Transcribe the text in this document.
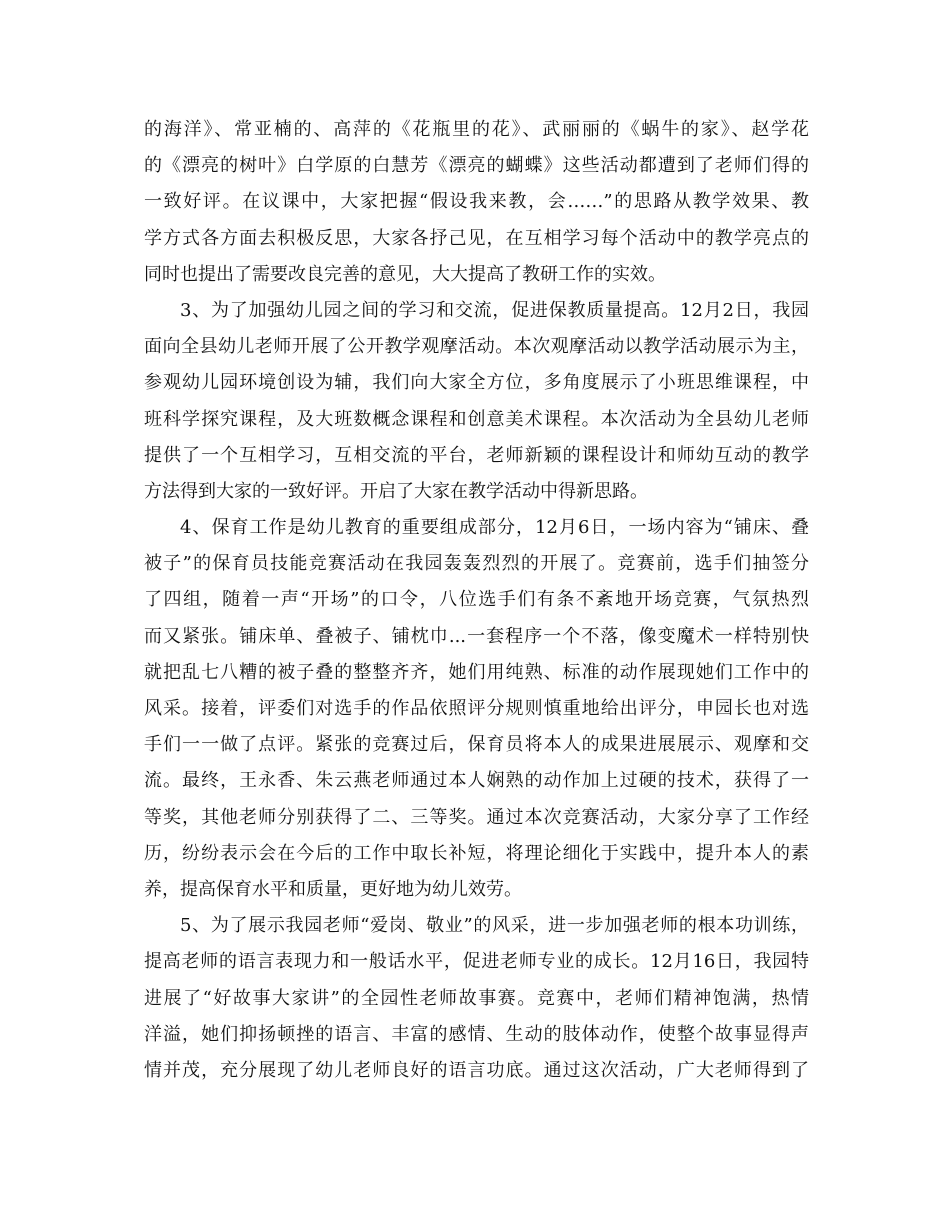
的海洋》、常亚楠的、高萍的《花瓶里的花》、武丽丽的《蜗牛的家》、赵学花
的《漂亮的树叶》白学原的白慧芳《漂亮的蝴蝶》这些活动都遭到了老师们得的
一致好评。在议课中，大家把握“假设我来教，会……”的思路从教学效果、教
学方式各方面去积极反思，大家各抒己见，在互相学习每个活动中的教学亮点的
同时也提出了需要改良完善的意见，大大提高了教研工作的实效。
3、为了加强幼儿园之间的学习和交流，促进保教质量提高。12月2日，我园
面向全县幼儿老师开展了公开教学观摩活动。本次观摩活动以教学活动展示为主，
参观幼儿园环境创设为辅，我们向大家全方位，多角度展示了小班思维课程，中
班科学探究课程，及大班数概念课程和创意美术课程。本次活动为全县幼儿老师
提供了一个互相学习，互相交流的平台，老师新颖的课程设计和师幼互动的教学
方法得到大家的一致好评。开启了大家在教学活动中得新思路。
4、保育工作是幼儿教育的重要组成部分，12月6日，一场内容为“铺床、叠
被子”的保育员技能竞赛活动在我园轰轰烈烈的开展了。竞赛前，选手们抽签分
了四组，随着一声“开场”的口令，八位选手们有条不紊地开场竞赛，气氛热烈
而又紧张。铺床单、叠被子、铺枕巾...一套程序一个不落，像变魔术一样特别快
就把乱七八糟的被子叠的整整齐齐，她们用纯熟、标准的动作展现她们工作中的
风采。接着，评委们对选手的作品依照评分规则慎重地给出评分，申园长也对选
手们一一做了点评。紧张的竞赛过后，保育员将本人的成果进展展示、观摩和交
流。最终，王永香、朱云燕老师通过本人娴熟的动作加上过硬的技术，获得了一
等奖，其他老师分别获得了二、三等奖。通过本次竞赛活动，大家分享了工作经
历，纷纷表示会在今后的工作中取长补短，将理论细化于实践中，提升本人的素
养，提高保育水平和质量，更好地为幼儿效劳。
5、为了展示我园老师“爱岗、敬业”的风采，进一步加强老师的根本功训练，
提高老师的语言表现力和一般话水平，促进老师专业的成长。12月16日，我园特
进展了“好故事大家讲”的全园性老师故事赛。竞赛中，老师们精神饱满，热情
洋溢，她们抑扬顿挫的语言、丰富的感情、生动的肢体动作，使整个故事显得声
情并茂，充分展现了幼儿老师良好的语言功底。通过这次活动，广大老师得到了
